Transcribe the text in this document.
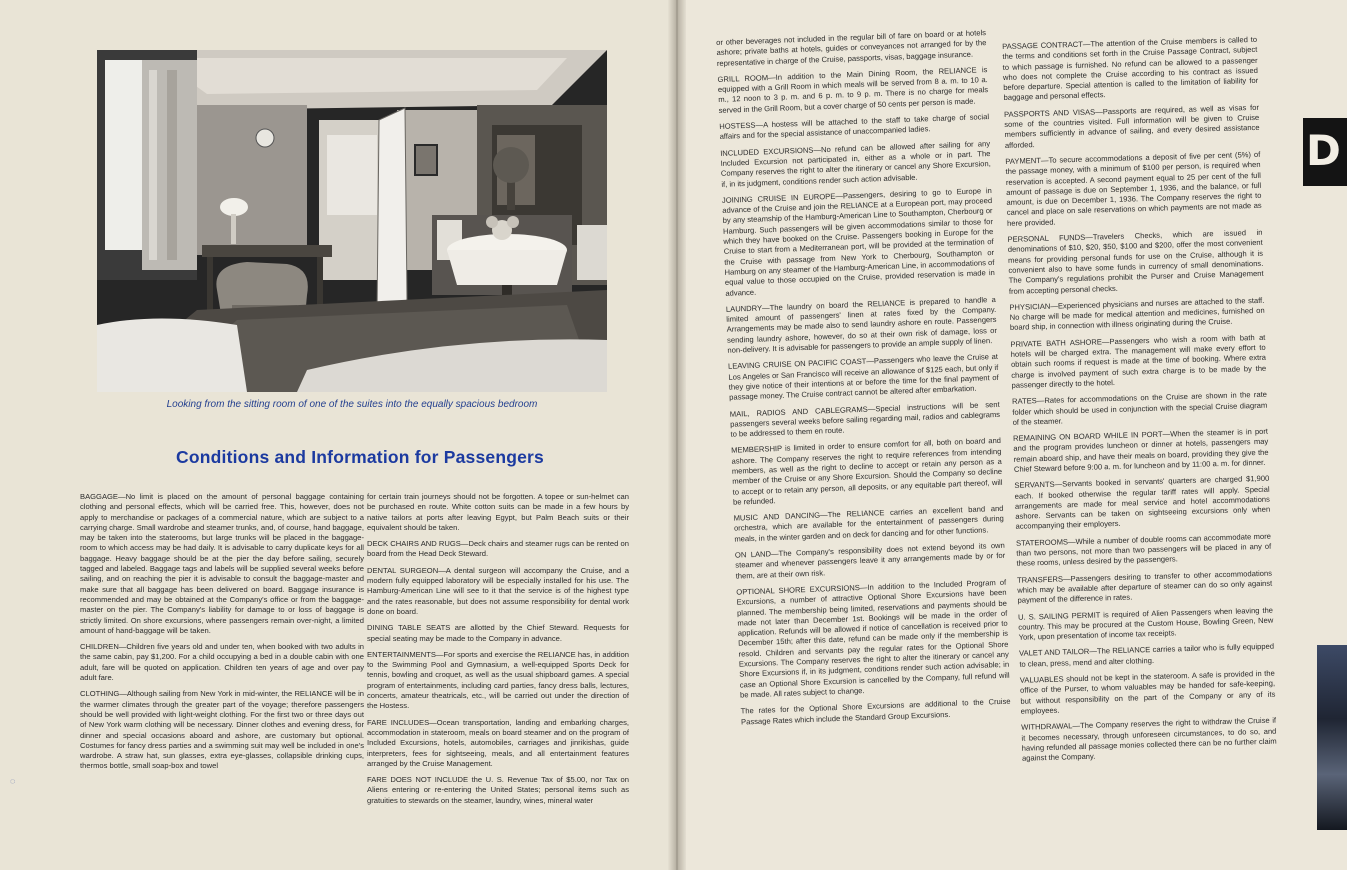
Looking from the sitting room of one of the suites into the equally spacious bedroom
Conditions and Information for Passengers

BAGGAGE—No limit is placed on the amount of personal baggage containing clothing and personal effects, which will be carried free. This, however, does not apply to merchandise or packages of a commercial nature, which are subject to a carrying charge. Small wardrobe and steamer trunks, and, of course, hand baggage, may be taken into the staterooms, but large trunks will be placed in the baggage-room to which access may be had daily. It is advisable to carry duplicate keys for all baggage. Heavy baggage should be at the pier the day before sailing, securely tagged and labeled. Baggage tags and labels will be supplied several weeks before sailing, and on reaching the pier it is advisable to consult the baggage-master and make sure that all baggage has been delivered on board. Baggage insurance is recommended and may be obtained at the Company's office or from the baggage-master on the pier. The Company's liability for damage to or loss of baggage is strictly limited. On shore excursions, where passengers remain over-night, a limited amount of hand-baggage will be taken.

CHILDREN—Children five years old and under ten, when booked with two adults in the same cabin, pay $1,200. For a child occupying a bed in a double cabin with one adult, fare will be quoted on application. Children ten years of age and over pay adult fare.

CLOTHING—Although sailing from New York in mid-winter, the RELIANCE will be in the warmer climates through the greater part of the voyage; therefore passengers should be well provided with light-weight clothing. For the first two or three days out of New York warm clothing will be necessary. Dinner clothes and evening dress, for dinner and special occasions aboard and ashore, are customary but optional. Costumes for fancy dress parties and a swimming suit may well be included in one's wardrobe. A straw hat, sun glasses, extra eye-glasses, collapsible drinking cups, thermos bottle, small soap-box and towel

for certain train journeys should not be forgotten. A topee or sun-helmet can be purchased en route. White cotton suits can be made in a few hours by native tailors at ports after leaving Egypt, but Palm Beach suits or their equivalent should be taken.

DECK CHAIRS AND RUGS—Deck chairs and steamer rugs can be rented on board from the Head Deck Steward.

DENTAL SURGEON—A dental surgeon will accompany the Cruise, and a modern fully equipped laboratory will be especially installed for his use. The Hamburg-American Line will see to it that the service is of the highest type and the rates reasonable, but does not assume responsibility for dental work done on board.

DINING TABLE SEATS are allotted by the Chief Steward. Requests for special seating may be made to the Company in advance.

ENTERTAINMENTS—For sports and exercise the RELIANCE has, in addition to the Swimming Pool and Gymnasium, a well-equipped Sports Deck for tennis, bowling and croquet, as well as the usual shipboard games. A special program of entertainments, including card parties, fancy dress balls, lectures, concerts, amateur theatricals, etc., will be carried out under the direction of the Hostess.

FARE INCLUDES—Ocean transportation, landing and embarking charges, accommodation in stateroom, meals on board steamer and on the program of Included Excursions, hotels, automobiles, carriages and jinrikishas, guide interpreters, fees for sightseeing, meals, and all entertainment features arranged by the Cruise Management.

FARE DOES NOT INCLUDE the U. S. Revenue Tax of $5.00, nor Tax on Aliens entering or re-entering the United States; personal items such as gratuities to stewards on the steamer, laundry, wines, mineral water

◌

or other beverages not included in the regular bill of fare on board or at hotels ashore; private baths at hotels, guides or conveyances not arranged for by the representative in charge of the Cruise, passports, visas, baggage insurance.

GRILL ROOM—In addition to the Main Dining Room, the RELIANCE is equipped with a Grill Room in which meals will be served from 8 a. m. to 10 a. m., 12 noon to 3 p. m. and 6 p. m. to 9 p. m. There is no charge for meals served in the Grill Room, but a cover charge of 50 cents per person is made.

HOSTESS—A hostess will be attached to the staff to take charge of social affairs and for the special assistance of unaccompanied ladies.

INCLUDED EXCURSIONS—No refund can be allowed after sailing for any Included Excursion not participated in, either as a whole or in part. The Company reserves the right to alter the itinerary or cancel any Shore Excursion, if, in its judgment, conditions render such action advisable.

JOINING CRUISE IN EUROPE—Passengers, desiring to go to Europe in advance of the Cruise and join the RELIANCE at a European port, may proceed by any steamship of the Hamburg-American Line to Southampton, Cherbourg or Hamburg. Such passengers will be given accommodations similar to those for which they have booked on the Cruise. Passengers booking in Europe for the Cruise to start from a Mediterranean port, will be provided at the termination of the Cruise with passage from New York to Cherbourg, Southampton or Hamburg on any steamer of the Hamburg-American Line, in accommodations of equal value to those occupied on the Cruise, provided reservation is made in advance.

LAUNDRY—The laundry on board the RELIANCE is prepared to handle a limited amount of passengers' linen at rates fixed by the Company. Arrangements may be made also to send laundry ashore en route. Passengers sending laundry ashore, however, do so at their own risk of damage, loss or non-delivery. It is advisable for passengers to provide an ample supply of linen.

LEAVING CRUISE ON PACIFIC COAST—Passengers who leave the Cruise at Los Angeles or San Francisco will receive an allowance of $125 each, but only if they give notice of their intentions at or before the time for the final payment of passage money. The Cruise contract cannot be altered after embarkation.

MAIL, RADIOS AND CABLEGRAMS—Special instructions will be sent passengers several weeks before sailing regarding mail, radios and cablegrams to be addressed to them en route.

MEMBERSHIP is limited in order to ensure comfort for all, both on board and ashore. The Company reserves the right to require references from intending members, as well as the right to decline to accept or retain any person as a member of the Cruise or any Shore Excursion. Should the Company so decline to accept or to retain any person, all deposits, or any equitable part thereof, will be refunded.

MUSIC AND DANCING—The RELIANCE carries an excellent band and orchestra, which are available for the entertainment of passengers during meals, in the winter garden and on deck for dancing and for other functions.

ON LAND—The Company's responsibility does not extend beyond its own steamer and whenever passengers leave it any arrangements made by or for them, are at their own risk.

OPTIONAL SHORE EXCURSIONS—In addition to the Included Program of Excursions, a number of attractive Optional Shore Excursions have been planned. The membership being limited, reservations and payments should be made not later than December 1st. Bookings will be made in the order of application. Refunds will be allowed if notice of cancellation is received prior to December 15th; after this date, refund can be made only if the membership is resold. Children and servants pay the regular rates for the Optional Shore Excursions. The Company reserves the right to alter the itinerary or cancel any Shore Excursions if, in its judgment, conditions render such action advisable; in case an Optional Shore Excursion is cancelled by the Company, full refund will be made. All rates subject to change.

The rates for the Optional Shore Excursions are additional to the Cruise Passage Rates which include the Standard Group Excursions.

PASSAGE CONTRACT—The attention of the Cruise members is called to the terms and conditions set forth in the Cruise Passage Contract, subject to which passage is furnished. No refund can be allowed to a passenger who does not complete the Cruise according to his contract as issued before departure. Special attention is called to the limitation of liability for baggage and personal effects.

PASSPORTS AND VISAS—Passports are required, as well as visas for some of the countries visited. Full information will be given to Cruise members sufficiently in advance of sailing, and every desired assistance afforded.

PAYMENT—To secure accommodations a deposit of five per cent (5%) of the passage money, with a minimum of $100 per person, is required when reservation is accepted. A second payment equal to 25 per cent of the full amount of passage is due on September 1, 1936, and the balance, or full amount, is due on December 1, 1936. The Company reserves the right to cancel and place on sale reservations on which payments are not made as here provided.

PERSONAL FUNDS—Travelers Checks, which are issued in denominations of $10, $20, $50, $100 and $200, offer the most convenient means for providing personal funds for use on the Cruise, although it is convenient also to have some funds in currency of small denominations. The Company's regulations prohibit the Purser and Cruise Management from accepting personal checks.

PHYSICIAN—Experienced physicians and nurses are attached to the staff. No charge will be made for medical attention and medicines, furnished on board ship, in connection with illness originating during the Cruise.

PRIVATE BATH ASHORE—Passengers who wish a room with bath at hotels will be charged extra. The management will make every effort to obtain such rooms if request is made at the time of booking. Where extra charge is involved payment of such extra charge is to be made by the passenger directly to the hotel.

RATES—Rates for accommodations on the Cruise are shown in the rate folder which should be used in conjunction with the special Cruise diagram of the steamer.

REMAINING ON BOARD WHILE IN PORT—When the steamer is in port and the program provides luncheon or dinner at hotels, passengers may remain aboard ship, and have their meals on board, providing they give the Chief Steward before 9:00 a. m. for luncheon and by 11:00 a. m. for dinner.

SERVANTS—Servants booked in servants' quarters are charged $1,900 each. If booked otherwise the regular tariff rates will apply. Special arrangements are made for meal service and hotel accommodations ashore. Servants can be taken on sightseeing excursions only when accompanying their employers.

STATEROOMS—While a number of double rooms can accommodate more than two persons, not more than two passengers will be placed in any of these rooms, unless desired by the passengers.

TRANSFERS—Passengers desiring to transfer to other accommodations which may be available after departure of steamer can do so only against payment of the difference in rates.

U. S. SAILING PERMIT is required of Alien Passengers when leaving the country. This may be procured at the Custom House, Bowling Green, New York, upon presentation of income tax receipts.

VALET AND TAILOR—The RELIANCE carries a tailor who is fully equipped to clean, press, mend and alter clothing.

VALUABLES should not be kept in the stateroom. A safe is provided in the office of the Purser, to whom valuables may be handed for safe-keeping, but without responsibility on the part of the Company or any of its employees.

WITHDRAWAL—The Company reserves the right to withdraw the Cruise if it becomes necessary, through unforeseen circumstances, to do so, and having refunded all passage monies collected there can be no further claim against the Company.

D
